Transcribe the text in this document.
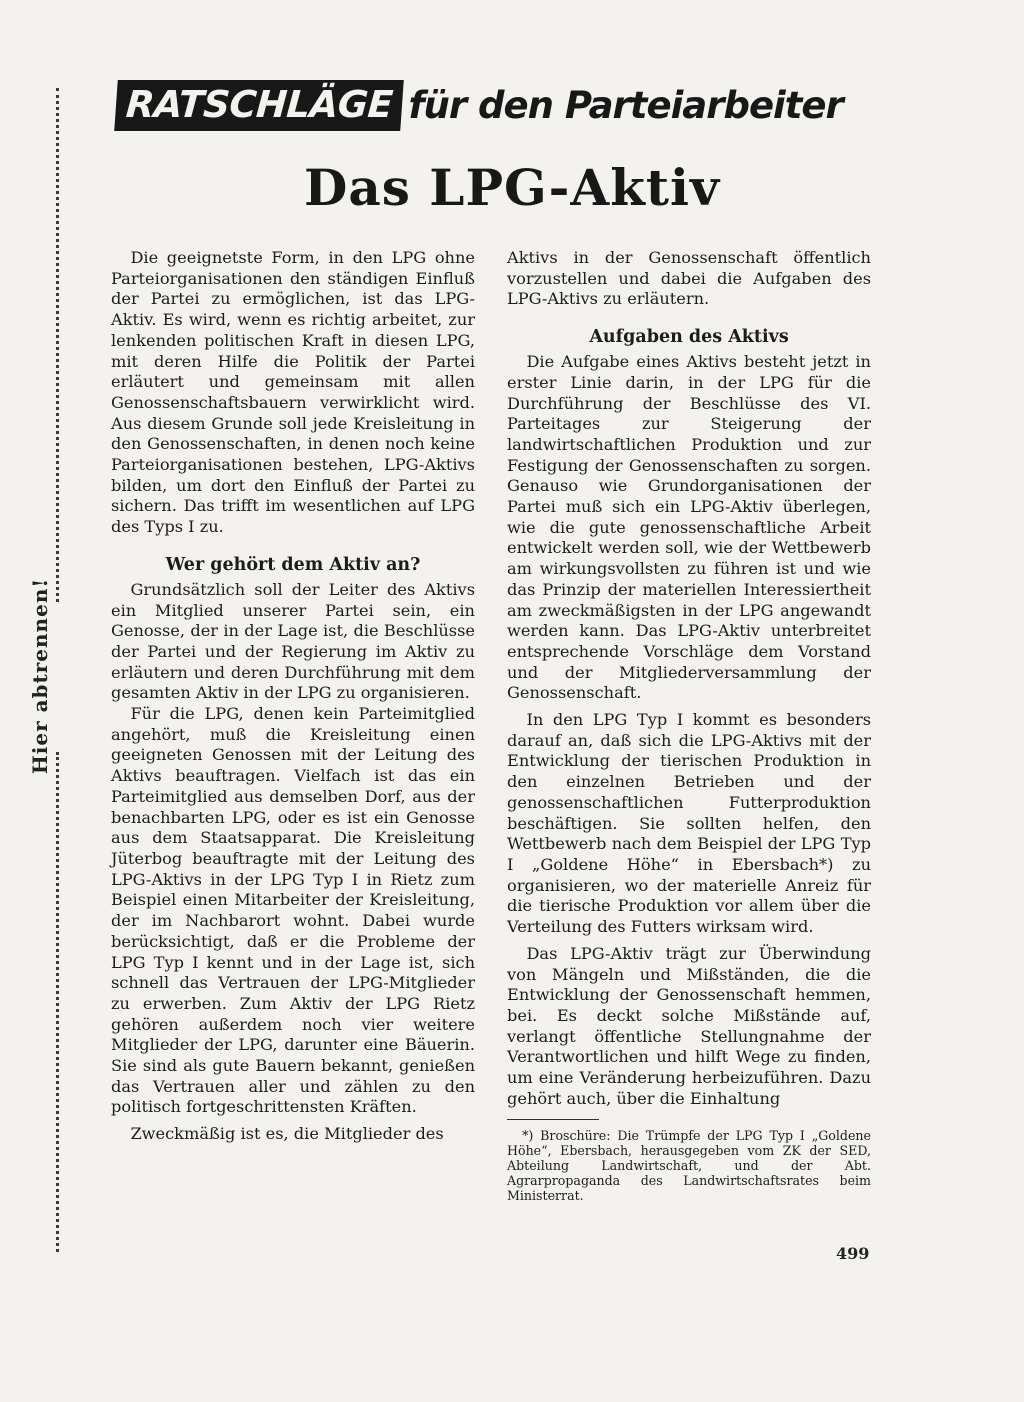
Hier abtrennen!
RATSCHLÄGE für den Parteiarbeiter
Das LPG-Aktiv

Die geeignetste Form, in den LPG ohne Parteiorganisationen den ständigen Einfluß der Partei zu ermöglichen, ist das LPG-Aktiv. Es wird, wenn es richtig arbeitet, zur lenkenden politischen Kraft in diesen LPG, mit deren Hilfe die Politik der Partei erläutert und gemeinsam mit allen Genossenschaftsbauern verwirklicht wird. Aus diesem Grunde soll jede Kreisleitung in den Genossenschaften, in denen noch keine Parteiorganisationen bestehen, LPG-Aktivs bilden, um dort den Einfluß der Partei zu sichern. Das trifft im wesentlichen auf LPG des Typs I zu.

Wer gehört dem Aktiv an?

Grundsätzlich soll der Leiter des Aktivs ein Mitglied unserer Partei sein, ein Genosse, der in der Lage ist, die Beschlüsse der Partei und der Regierung im Aktiv zu erläutern und deren Durchführung mit dem gesamten Aktiv in der LPG zu organisieren.

Für die LPG, denen kein Parteimitglied angehört, muß die Kreisleitung einen geeigneten Genossen mit der Leitung des Aktivs beauftragen. Vielfach ist das ein Parteimitglied aus demselben Dorf, aus der benachbarten LPG, oder es ist ein Genosse aus dem Staatsapparat. Die Kreisleitung Jüterbog beauftragte mit der Leitung des LPG-Aktivs in der LPG Typ I in Rietz zum Beispiel einen Mitarbeiter der Kreisleitung, der im Nachbarort wohnt. Dabei wurde berücksichtigt, daß er die Probleme der LPG Typ I kennt und in der Lage ist, sich schnell das Vertrauen der LPG-Mitglieder zu erwerben. Zum Aktiv der LPG Rietz gehören außerdem noch vier weitere Mitglieder der LPG, darunter eine Bäuerin. Sie sind als gute Bauern bekannt, genießen das Vertrauen aller und zählen zu den politisch fortgeschrittensten Kräften.

Zweckmäßig ist es, die Mitglieder des

Aktivs in der Genossenschaft öffentlich vorzustellen und dabei die Aufgaben des LPG-Aktivs zu erläutern.

Aufgaben des Aktivs

Die Aufgabe eines Aktivs besteht jetzt in erster Linie darin, in der LPG für die Durchführung der Beschlüsse des VI. Parteitages zur Steigerung der landwirtschaftlichen Produktion und zur Festigung der Genossenschaften zu sorgen. Genauso wie Grundorganisationen der Partei muß sich ein LPG-Aktiv überlegen, wie die gute genossenschaftliche Arbeit entwickelt werden soll, wie der Wettbewerb am wirkungsvollsten zu führen ist und wie das Prinzip der materiellen Interessiertheit am zweckmäßigsten in der LPG angewandt werden kann. Das LPG-Aktiv unterbreitet entsprechende Vorschläge dem Vorstand und der Mitgliederversammlung der Genossenschaft.

In den LPG Typ I kommt es besonders darauf an, daß sich die LPG-Aktivs mit der Entwicklung der tierischen Produktion in den einzelnen Betrieben und der genossenschaftlichen Futterproduktion beschäftigen. Sie sollten helfen, den Wettbewerb nach dem Beispiel der LPG Typ I „Goldene Höhe“ in Ebersbach*) zu organisieren, wo der materielle Anreiz für die tierische Produktion vor allem über die Verteilung des Futters wirksam wird.

Das LPG-Aktiv trägt zur Überwindung von Mängeln und Mißständen, die die Entwicklung der Genossenschaft hemmen, bei. Es deckt solche Mißstände auf, verlangt öffentliche Stellungnahme der Verantwortlichen und hilft Wege zu finden, um eine Veränderung herbeizuführen. Dazu gehört auch, über die Einhaltung

*) Broschüre: Die Trümpfe der LPG Typ I „Goldene Höhe“, Ebersbach, herausgegeben vom ZK der SED, Abteilung Landwirtschaft, und der Abt. Agrarpropaganda des Landwirtschaftsrates beim Ministerrat.

499
